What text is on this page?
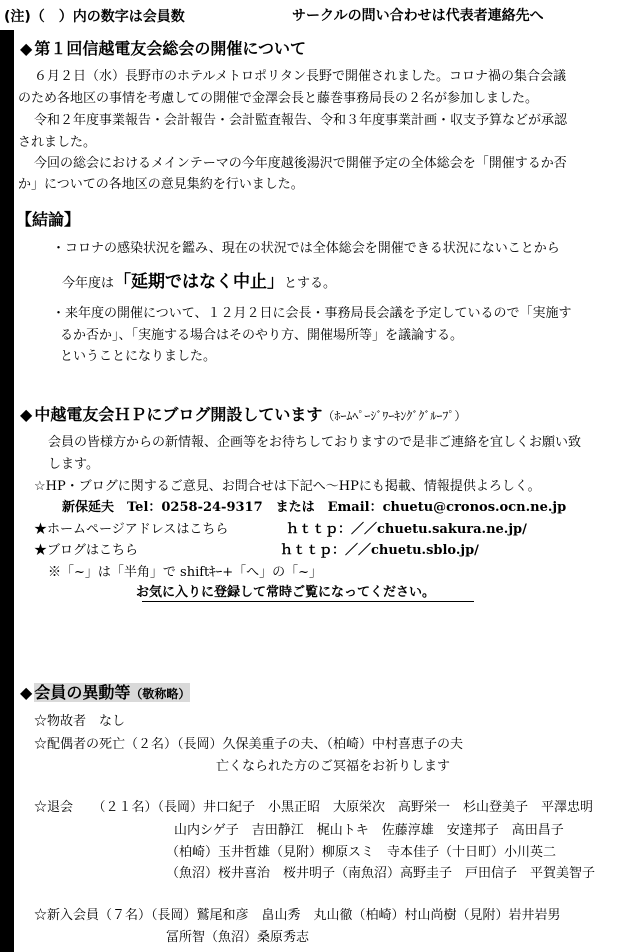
(注)（　）内の数字は会員数	サークルの問い合わせは代表者連絡先へ
◆ 第１回信越電友会総会の開催について
６月２日（水）長野市のホテルメトロポリタン長野で開催されました。コロナ禍の集合会議
のため各地区の事情を考慮しての開催で金澤会長と藤巻事務局長の２名が参加しました。
令和２年度事業報告・会計報告・会計監査報告、令和３年度事業計画・収支予算などが承認
されました。
今回の総会におけるメインテーマの今年度越後湯沢で開催予定の全体総会を「開催するか否
か」についての各地区の意見集約を行いました。
【結論】
・コロナの感染状況を鑑み、現在の状況では全体総会を開催できる状況にないことから
今年度は「延期ではなく中止」とする。
・来年度の開催について、１２月２日に会長・事務局長会議を予定しているので「実施す
るか否か」、「実施する場合はそのやり方、開催場所等」を議論する。
ということになりました。
◆ 中越電友会ＨＰにブログ開設しています（ﾎｰﾑﾍﾟｰｼﾞﾜｰｷﾝｸﾞｸﾞﾙｰﾌﾟ）
会員の皆様方からの新情報、企画等をお待ちしておりますので是非ご連絡を宜しくお願い致
します。
☆HP・ブログに関するご意見、お問合せは下記へ～HPにも掲載、情報提供よろしく。
新保延夫　Tel：0258-24-9317　または　Email：chuetu@cronos.ocn.ne.jp
★ホームページアドレスはこちら	ｈｔｔｐ：／／chuetu.sakura.ne.jp/
★ブログはこちら	ｈｔｔｐ：／／chuetu.sblo.jp/
※「~」は「半角」で shiftｷｰ+「へ」の「~」
お気に入りに登録して常時ご覧になってください。
◆ 会員の異動等（敬称略）
☆物故者　なし
☆配偶者の死亡（２名）（長岡）久保美重子の夫、（柏崎）中村喜恵子の夫
亡くなられた方のご冥福をお祈りします
☆退会　　（２１名）（長岡）井口紀子　小黒正昭　大原栄次　高野栄一　杉山登美子　平澤忠明
山内シゲ子　吉田静江　梶山トキ　佐藤淳雄　安達邦子　高田昌子
（柏崎）玉井哲雄（見附）柳原スミ　寺本佳子（十日町）小川英二
（魚沼）桜井喜治　桜井明子（南魚沼）高野圭子　戸田信子　平賀美智子
☆新入会員（７名）（長岡）鷲尾和彦　畠山秀　丸山徹（柏崎）村山尚樹（見附）岩井岩男
冨所智（魚沼）桑原秀志
